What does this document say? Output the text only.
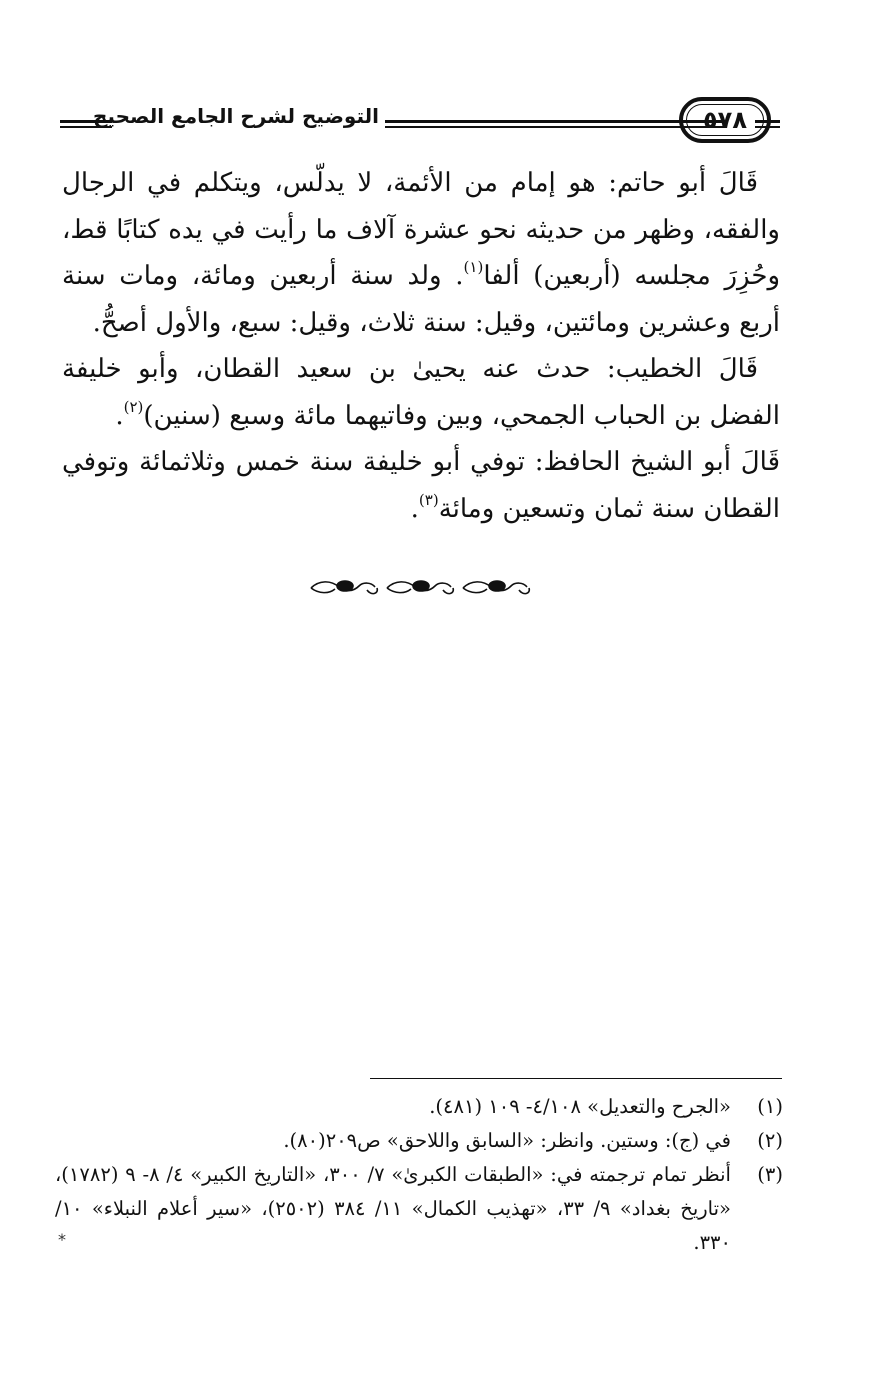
التوضيح لشرح الجامع الصحيح	٥٧٨

قَالَ أبو حاتم: هو إمام من الأئمة، لا يدلّس، ويتكلم في الرجال والفقه، وظهر من حديثه نحو عشرة آلاف ما رأيت في يده كتابًا قط، وحُزِرَ مجلسه (أربعين) ألفا$^{(١)}$. ولد سنة أربعين ومائة، ومات سنة أربع وعشرين ومائتين، وقيل: سنة ثلاث، وقيل: سبع، والأول أصحُّ.

قَالَ الخطيب: حدث عنه يحيىٰ بن سعيد القطان، وأبو خليفة الفضل بن الحباب الجمحي، وبين وفاتيهما مائة وسبع (سنين)$^{(٢)}$.

قَالَ أبو الشيخ الحافظ: توفي أبو خليفة سنة خمس وثلاثمائة وتوفي القطان سنة ثمان وتسعين ومائة$^{(٣)}$.

(١)
«الجرح والتعديل» ٤/١٠٨- ١٠٩ (٤٨١).
(٢)
في (ج): وستين. وانظر: «السابق واللاحق» ص٢٠٩(٨٠).
(٣)
أنظر تمام ترجمته في: «الطبقات الكبرىٰ» ٧/ ٣٠٠، «التاريخ الكبير» ٤/ ٨- ٩ (١٧٨٢)، «تاريخ بغداد» ٩/ ٣٣، «تهذيب الكمال» ١١/ ٣٨٤ (٢٥٠٢)، «سير أعلام النبلاء» ١٠/ ٣٣٠.
*
